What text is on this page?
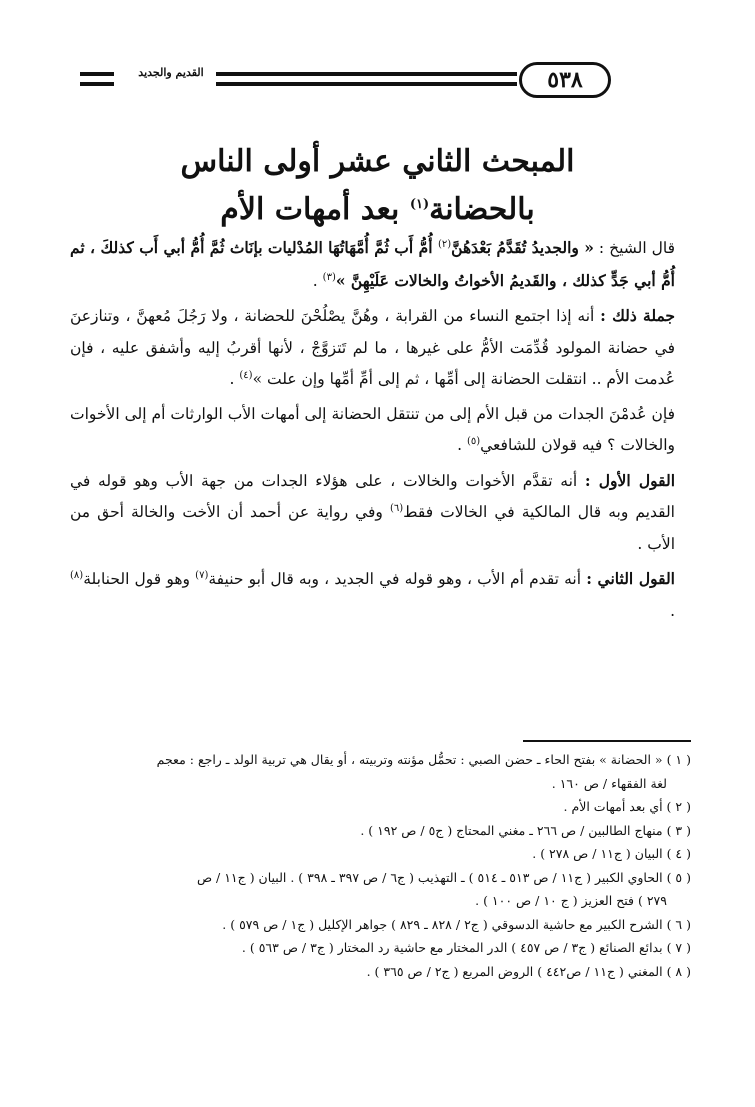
القديم والجديد	٥٣٨
المبحث الثاني عشر أولى الناس
بالحضانة$^{(١)}$ بعد أمهات الأم

قال الشيخ : « والجديدُ تُقَدَّمُ بَعْدَهُنَّ$^{(٢)}$ أُمُّ أَب ثُمَّ أُمَّهَاتُهَا المُدْليات بإنَاث ثُمَّ أُمُّ أبي أَب كذلكَ ، ثم أُمُّ أبي جَدٍّ كذلك ، والقَديمُ الأخواتُ والخالات عَلَيْهِنَّ »$^{(٣)}$ .

جملة ذلك : أنه إذا اجتمع النساء من القرابة ، وهُنَّ يصْلُحْنَ للحضانة ، ولا رَجُلَ مُعهنَّ ، وتنازعنَ في حضانة المولود قُدِّمَت الأمُّ على غيرها ، ما لم تَتزوَّجْ ، لأنها أقربُ إليه وأشفق عليه ، فإن عُدمت الأم .. انتقلت الحضانة إلى أمِّها ، ثم إلى أمِّ أمِّها وإن علت »$^{(٤)}$ .

فإن عُدمْنَ الجدات من قبل الأم إلى من تنتقل الحضانة إلى أمهات الأب الوارثات أم إلى الأخوات والخالات ؟ فيه قولان للشافعي$^{(٥)}$ .

القول الأول : أنه تقدَّم الأخوات والخالات ، على هؤلاء الجدات من جهة الأب وهو قوله في القديم وبه قال المالكية في الخالات فقط$^{(٦)}$ وفي رواية عن أحمد أن الأخت والخالة أحق من الأب .

القول الثاني : أنه تقدم أم الأب ، وهو قوله في الجديد ، وبه قال أبو حنيفة$^{(٧)}$ وهو قول الحنابلة$^{(٨)}$ .

( ١ ) « الحضانة » بفتح الحاء ـ حضن الصبي : تحمُّل مؤنته وتربيته ، أو يقال هي تربية الولد ـ راجع : معجم
لغة الفقهاء / ص ١٦٠ .

( ٢ ) أي بعد أمهات الأم .

( ٣ ) منهاج الطالبين / ص ٢٦٦ ـ مغني المحتاج ( ج٥ / ص ١٩٢ ) .

( ٤ ) البيان ( ج١١ / ص ٢٧٨ ) .

( ٥ ) الحاوي الكبير ( ج١١ / ص ٥١٣ ـ ٥١٤ ) ـ التهذيب ( ج٦ / ص ٣٩٧ ـ ٣٩٨ ) . البيان ( ج١١ / ص
٢٧٩ ) فتح العزيز ( ج ١٠ / ص ١٠٠ ) .

( ٦ ) الشرح الكبير مع حاشية الدسوقي ( ج٢ / ٨٢٨ ـ ٨٢٩ ) جواهر الإكليل ( ج١ / ص ٥٧٩ ) .

( ٧ ) بدائع الصنائع ( ج٣ / ص ٤٥٧ ) الدر المختار مع حاشية رد المختار ( ج٣ / ص ٥٦٣ ) .

( ٨ ) المغني ( ج١١ / ص٤٤٢ ) الروض المربع ( ج٢ / ص ٣٦٥ ) .
